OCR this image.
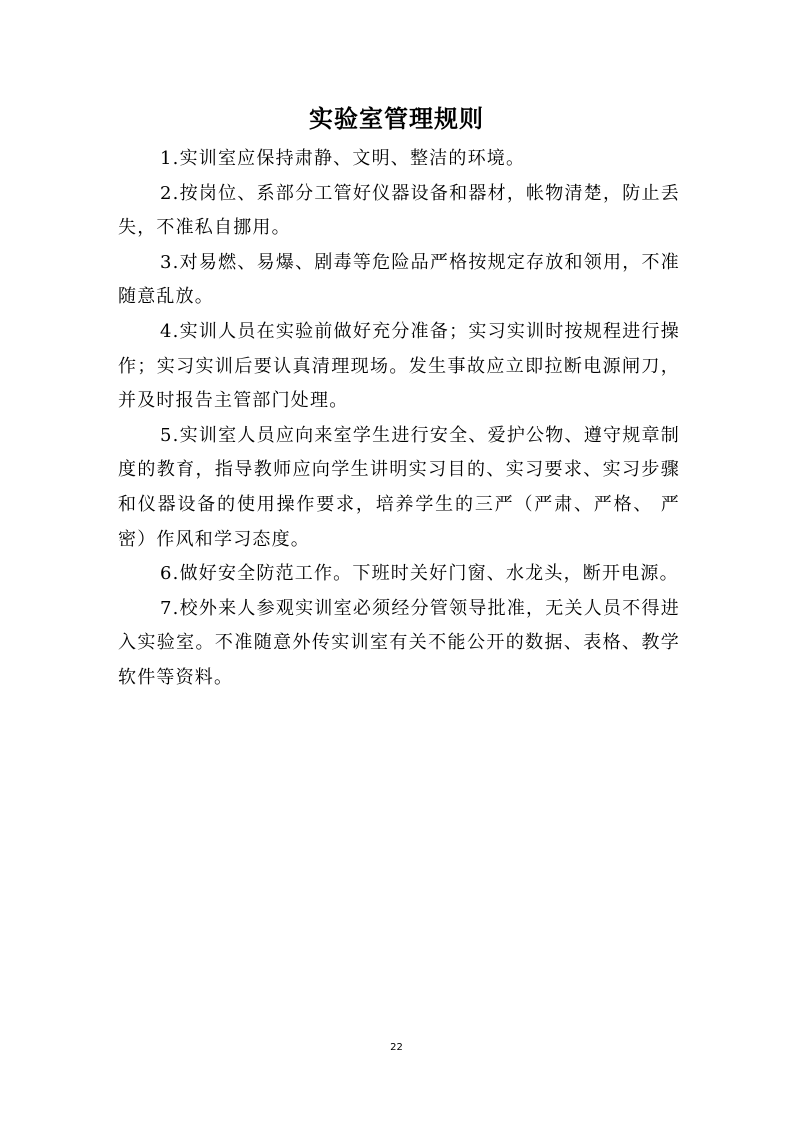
实验室管理规则

1.实训室应保持肃静、文明、整洁的环境。

2.按岗位、系部分工管好仪器设备和器材，帐物清楚，防止丢失，不准私自挪用。

3.对易燃、易爆、剧毒等危险品严格按规定存放和领用，不准随意乱放。

4.实训人员在实验前做好充分准备；实习实训时按规程进行操作；实习实训后要认真清理现场。发生事故应立即拉断电源闸刀，并及时报告主管部门处理。

5.实训室人员应向来室学生进行安全、爱护公物、遵守规章制度的教育，指导教师应向学生讲明实习目的、实习要求、实习步骤和仪器设备的使用操作要求，培养学生的三严（严肃、严格、 严密）作风和学习态度。

6.做好安全防范工作。下班时关好门窗、水龙头，断开电源。

7.校外来人参观实训室必须经分管领导批准，无关人员不得进入实验室。不准随意外传实训室有关不能公开的数据、表格、教学软件等资料。

22
